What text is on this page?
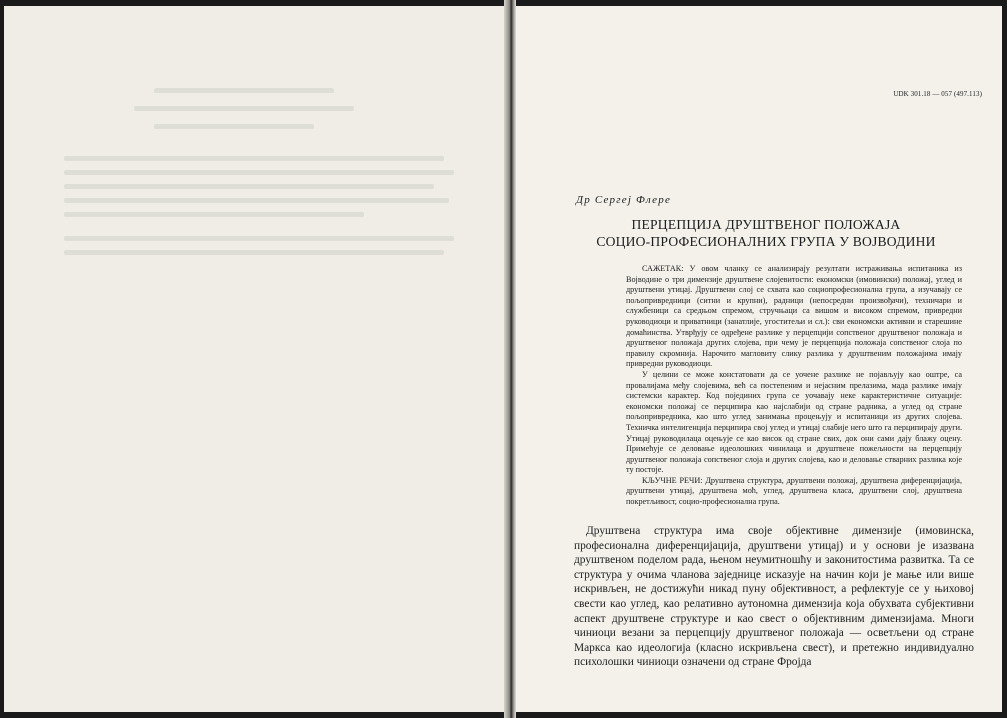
UDK 301.18 — 057 (497.113)
Др Сергеј Флере
ПЕРЦЕПЦИЈА ДРУШТВЕНОГ ПОЛОЖАЈА
СОЦИО-ПРОФЕСИОНАЛНИХ ГРУПА У ВОЈВОДИНИ

САЖЕТАК: У овом чланку се анализирају резултати истраживања испитаника из Војводине о три димензије друштвене слојевитости: економски (имовински) положај, углед и друштвени утицај. Друштвени слој се схвата као социопрофесионална група, а изучавају се пољопривредници (ситни и крупни), радници (непосредни произвођачи), техничари и службеници са средњом спремом, стручњаци са вишом и високом спремом, привредни руководиоци и приватници (занатлије, угоститељи и сл.): сви економски активни и старешине домаћинства. Утврђују се одређене разлике у перцепцији сопственог друштвеног положаја и друштвеног положаја других слојева, при чему је перцепција положаја сопственог слоја по правилу скромнија. Нарочито магловиту слику разлика у друштвеним положајима имају привредни руководиоци.

У целини се може констатовати да се уочене разлике не појављују као оштре, са провалијама међу слојевима, већ са постепеним и нејасним прелазима, мада разлике имају системски карактер. Код појединих група се уочавају неке карактеристичне ситуације: економски положај се перципира као најслабији од стране радника, а углед од стране пољопривредника, као што углед занимања процењују и испитаници из других слојева. Техничка интелигенција перципира свој углед и утицај слабије него што га перципирају други. Утицај руководилаца оцењује се као висок од стране свих, док они сами дају блажу оцену. Примећује се деловање идеолошких чинилаца и друштвене пожељности на перцепцију друштвеног положаја сопственог слоја и других слојева, као и деловање стварних разлика које ту постоје.

КЉУЧНЕ РЕЧИ: Друштвена структура, друштвени положај, друштвена диференцијација, друштвени утицај, друштвена моћ, углед, друштвена класа, друштвени слој, друштвена покретљивост, социо-професионална група.

Друштвена структура има своје објективне димензије (имовинска, професионална диференцијација, друштвени утицај) и у основи је изазвана друштвеном поделом рада, њеном неумитношћу и законитостима развитка. Та се структура у очима чланова заједнице исказује на начин који је мање или више искривљен, не достижући никад пуну објективност, а рефлектује се у њиховој свести као углед, као релативно аутономна димензија која обухвата субјективни аспект друштвене структуре и као свест о објективним димензијама. Многи чиниоци везани за перцепцију друштвеног положаја — осветљени од стране Маркса као идеологија (класно искривљена свест), и претежно индивидуално психолошки чиниоци означени од стране Фројда
